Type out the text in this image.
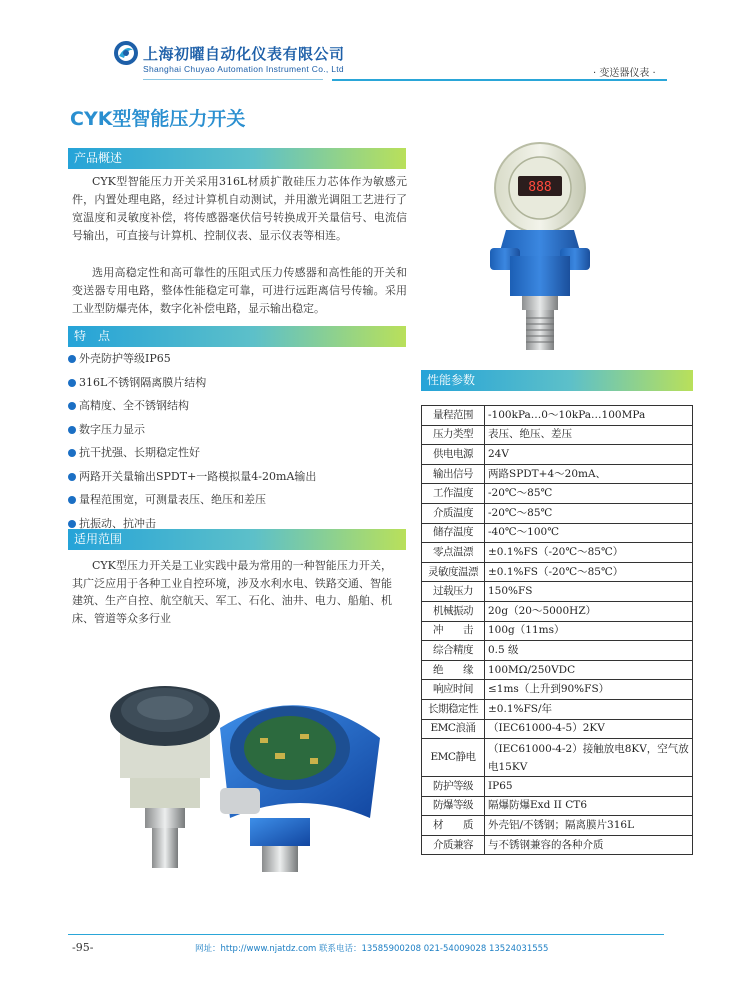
上海初曜自动化仪表有限公司
Shanghai Chuyao Automation Instrument Co., Ltd	· 变送器仪表 ·
CYK型智能压力开关
产品概述

CYK型智能压力开关采用316L材质扩散硅压力芯体作为敏感元件，内置处理电路，经过计算机自动测试，并用激光调阻工艺进行了宽温度和灵敏度补偿，将传感器毫伏信号转换成开关量信号、电流信号输出，可直接与计算机、控制仪表、显示仪表等相连。

选用高稳定性和高可靠性的压阻式压力传感器和高性能的开关和变送器专用电路，整体性能稳定可靠，可进行远距离信号传输。采用工业型防爆壳体，数字化补偿电路，显示输出稳定。

888
特　点
外壳防护等级IP65
316L不锈钢隔离膜片结构
高精度、全不锈钢结构
数字压力显示
抗干扰强、长期稳定性好
两路开关量输出SPDT+一路模拟量4-20mA输出
量程范围宽，可测量表压、绝压和差压
抗振动、抗冲击
适用范围

CYK型压力开关是工业实践中最为常用的一种智能压力开关，其广泛应用于各种工业自控环境，涉及水利水电、铁路交通、智能建筑、生产自控、航空航天、军工、石化、油井、电力、船舶、机床、管道等众多行业

性能参数
量程范围	-100kPa…0～10kPa…100MPa
压力类型	表压、绝压、差压
供电电源	24V
输出信号	两路SPDT+4～20mA、
工作温度	-20℃～85℃
介质温度	-20℃～85℃
储存温度	-40℃～100℃
零点温漂	±0.1%FS（-20℃～85℃）
灵敏度温漂	±0.1%FS（-20℃～85℃）
过载压力	150%FS
机械振动	20g（20～5000HZ）
冲　　击	100g（11ms）
综合精度	0.5 级
绝　　缘	100MΩ/250VDC
响应时间	≤1ms（上升到90%FS）
长期稳定性	±0.1%FS/年
EMC浪涌	（IEC61000-4-5）2KV
EMC静电	（IEC61000-4-2）接触放电8KV，空气放电15KV
防护等级	IP65
防爆等级	隔爆防爆Exd II CT6
材　　质	外壳铝/不锈钢；隔离膜片316L
介质兼容	与不锈钢兼容的各种介质
-95-	网址：http://www.njatdz.com 联系电话：13585900208 021-54009028 13524031555
